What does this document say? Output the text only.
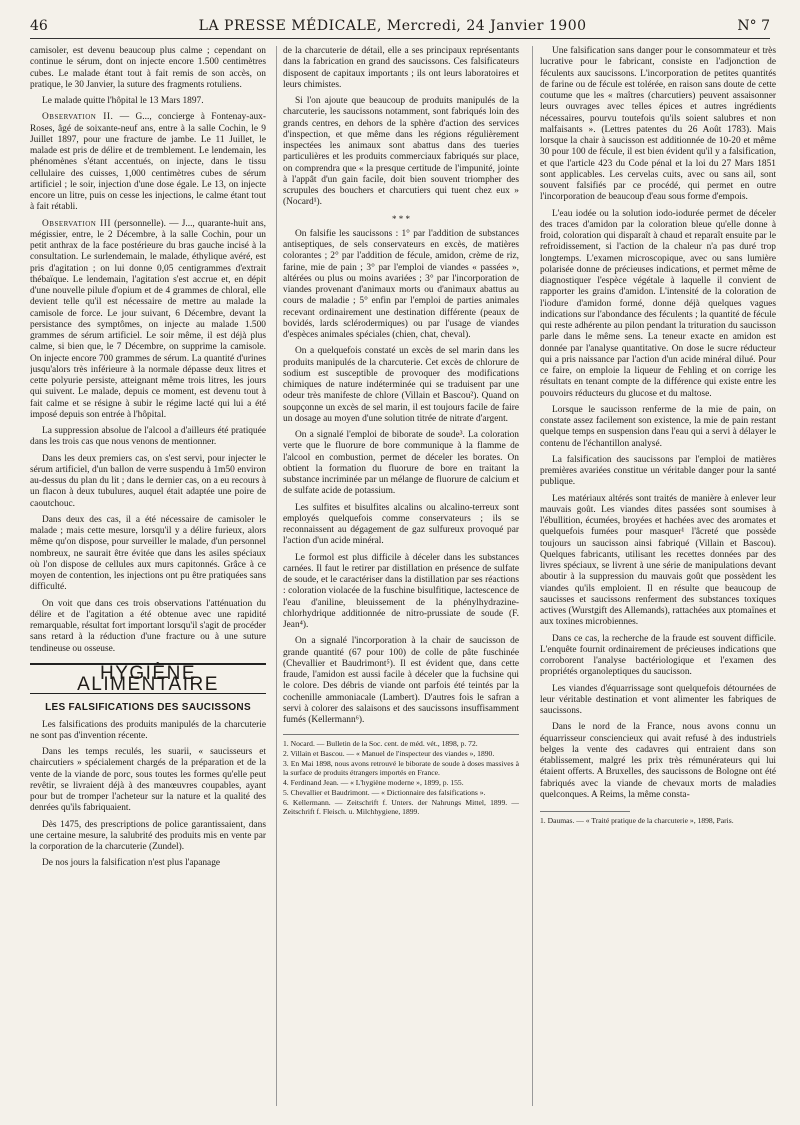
46	LA PRESSE MÉDICALE, Mercredi, 24 Janvier 1900	N° 7

camisoler, est devenu beaucoup plus calme ; cependant on continue le sérum, dont on injecte encore 1.500 centimètres cubes. Le malade étant tout à fait remis de son accès, on pratique, le 30 Janvier, la suture des fragments rotuliens.

Le malade quitte l'hôpital le 13 Mars 1897.

Observation II. — G..., concierge à Fontenay-aux-Roses, âgé de soixante-neuf ans, entre à la salle Cochin, le 9 Juillet 1897, pour une fracture de jambe. Le 11 Juillet, le malade est pris de délire et de tremblement. Le lendemain, les phénomènes s'étant accentués, on injecte, dans le tissu cellulaire des cuisses, 1,000 centimètres cubes de sérum artificiel ; le soir, injection d'une dose égale. Le 13, on injecte encore un litre, puis on cesse les injections, le calme étant tout à fait rétabli.

Observation III (personnelle). — J..., quarante-huit ans, mégissier, entre, le 2 Décembre, à la salle Cochin, pour un petit anthrax de la face postérieure du bras gauche incisé à la consultation. Le surlendemain, le malade, éthylique avéré, est pris d'agitation ; on lui donne 0,05 centigrammes d'extrait thébaïque. Le lendemain, l'agitation s'est accrue et, en dépit d'une nouvelle pilule d'opium et de 4 grammes de chloral, elle devient telle qu'il est nécessaire de mettre au malade la camisole de force. Le jour suivant, 6 Décembre, devant la persistance des symptômes, on injecte au malade 1.500 grammes de sérum artificiel. Le soir même, il est déjà plus calme, si bien que, le 7 Décembre, on supprime la camisole. On injecte encore 700 grammes de sérum. La quantité d'urines jusqu'alors très inférieure à la normale dépasse deux litres et cette polyurie persiste, atteignant même trois litres, les jours qui suivent. Le malade, depuis ce moment, est devenu tout à fait calme et se résigne à subir le régime lacté qui lui a été imposé depuis son entrée à l'hôpital.

La suppression absolue de l'alcool a d'ailleurs été pratiquée dans les trois cas que nous venons de mentionner.

Dans les deux premiers cas, on s'est servi, pour injecter le sérum artificiel, d'un ballon de verre suspendu à 1m50 environ au-dessus du plan du lit ; dans le dernier cas, on a eu recours à un flacon à deux tubulures, auquel était adaptée une poire de caoutchouc.

Dans deux des cas, il a été nécessaire de camisoler le malade ; mais cette mesure, lorsqu'il y a délire furieux, alors même qu'on dispose, pour surveiller le malade, d'un personnel nombreux, ne saurait être évitée que dans les asiles spéciaux où l'on dispose de cellules aux murs capitonnés. Grâce à ce moyen de contention, les injections ont pu être pratiquées sans difficulté.

On voit que dans ces trois observations l'atténuation du délire et de l'agitation a été obtenue avec une rapidité remarquable, résultat fort important lorsqu'il s'agit de procéder sans retard à la réduction d'une fracture ou à une suture tendineuse ou osseuse.

HYGIÈNE ALIMENTAIRE
LES FALSIFICATIONS DES SAUCISSONS

Les falsifications des produits manipulés de la charcuterie ne sont pas d'invention récente.

Dans les temps reculés, les suarii, « saucisseurs et chaircutiers » spécialement chargés de la préparation et de la vente de la viande de porc, sous toutes les formes qu'elle peut revêtir, se livraient déjà à des manœuvres coupables, ayant pour but de tromper l'acheteur sur la nature et la qualité des denrées qu'ils fabriquaient.

Dès 1475, des prescriptions de police garantissaient, dans une certaine mesure, la salubrité des produits mis en vente par la corporation de la charcuterie (Zundel).

De nos jours la falsification n'est plus l'apanage

de la charcuterie de détail, elle a ses principaux représentants dans la fabrication en grand des saucissons. Ces falsificateurs disposent de capitaux importants ; ils ont leurs laboratoires et leurs chimistes.

Si l'on ajoute que beaucoup de produits manipulés de la charcuterie, les saucissons notamment, sont fabriqués loin des grands centres, en dehors de la sphère d'action des services d'inspection, et que même dans les régions régulièrement inspectées les animaux sont abattus dans des tueries particulières et les produits commerciaux fabriqués sur place, on comprendra que « la presque certitude de l'impunité, jointe à l'appât d'un gain facile, doit bien souvent triompher des scrupules des bouchers et charcutiers qui tuent chez eux » (Nocard¹).

* * *

On falsifie les saucissons : 1° par l'addition de substances antiseptiques, de sels conservateurs en excès, de matières colorantes ; 2° par l'addition de fécule, amidon, crème de riz, farine, mie de pain ; 3° par l'emploi de viandes « passées », altérées ou plus ou moins avariées ; 3° par l'incorporation de viandes provenant d'animaux morts ou d'animaux abattus au cours de maladie ; 5° enfin par l'emploi de parties animales recevant ordinairement une destination différente (peaux de bovidés, lards sclérodermiques) ou par l'usage de viandes d'espèces animales spéciales (chien, chat, cheval).

On a quelquefois constaté un excès de sel marin dans les produits manipulés de la charcuterie. Cet excès de chlorure de sodium est susceptible de provoquer des modifications chimiques de nature indéterminée qui se traduisent par une odeur très manifeste de chlore (Villain et Bascou²). Quand on soupçonne un excès de sel marin, il est toujours facile de faire un dosage au moyen d'une solution titrée de nitrate d'argent.

On a signalé l'emploi de biborate de soude³. La coloration verte que le fluorure de bore communique à la flamme de l'alcool en combustion, permet de déceler les borates. On obtient la formation du fluorure de bore en traitant la substance incriminée par un mélange de fluorure de calcium et de sulfate acide de potassium.

Les sulfites et bisulfites alcalins ou alcalino-terreux sont employés quelquefois comme conservateurs ; ils se reconnaissent au dégagement de gaz sulfureux provoqué par l'action d'un acide minéral.

Le formol est plus difficile à déceler dans les substances carnées. Il faut le retirer par distillation en présence de sulfate de soude, et le caractériser dans la distillation par ses réactions : coloration violacée de la fuschine bisulfitique, lactescence de l'eau d'aniline, bleuissement de la phénylhydrazine-chlorhydrique additionnée de nitro-prussiate de soude (F. Jean⁴).

On a signalé l'incorporation à la chair de saucisson de grande quantité (67 pour 100) de colle de pâte fuschinée (Chevallier et Baudrimont⁵). Il est évident que, dans cette fraude, l'amidon est aussi facile à déceler que la fuchsine qui le colore. Des débris de viande ont parfois été teintés par la cochenille ammoniacale (Lambert). D'autres fois le safran a servi à colorer des salaisons et des saucissons insuffisamment fumés (Kellermann⁶).

1. Nocard. — Bulletin de la Soc. cent. de méd. vét., 1898, p. 72.
2. Villain et Bascou. — « Manuel de l'inspecteur des viandes », 1890.
3. En Mai 1898, nous avons retrouvé le biborate de soude à doses massives à la surface de produits étrangers importés en France.
4. Ferdinand Jean. — « L'hygiène moderne », 1899, p. 155.
5. Chevallier et Baudrimont. — « Dictionnaire des falsifications ».
6. Kellermann. — Zeitschrift f. Unters. der Nahrungs Mittel, 1899. — Zeitschrift f. Fleisch. u. Milchhygiene, 1899.

Une falsification sans danger pour le consommateur et très lucrative pour le fabricant, consiste en l'adjonction de féculents aux saucissons. L'incorporation de petites quantités de farine ou de fécule est tolérée, en raison sans doute de cette coutume que les « maîtres (charcutiers) peuvent assaisonner leurs ouvrages avec telles épices et autres ingrédients nécessaires, pourvu toutefois qu'ils soient salubres et non malfaisants ». (Lettres patentes du 26 Août 1783). Mais lorsque la chair à saucisson est additionnée de 10-20 et même 30 pour 100 de fécule, il est bien évident qu'il y a falsification, et que l'article 423 du Code pénal et la loi du 27 Mars 1851 sont applicables. Les cervelas cuits, avec ou sans ail, sont souvent falsifiés par ce procédé, qui permet en outre l'incorporation de beaucoup d'eau sous forme d'empois.

L'eau iodée ou la solution iodo-iodurée permet de déceler des traces d'amidon par la coloration bleue qu'elle donne à froid, coloration qui disparaît à chaud et reparaît ensuite par le refroidissement, si l'action de la chaleur n'a pas duré trop longtemps. L'examen microscopique, avec ou sans lumière polarisée donne de précieuses indications, et permet même de diagnostiquer l'espèce végétale à laquelle il convient de rapporter les grains d'amidon. L'intensité de la coloration de l'iodure d'amidon formé, donne déjà quelques vagues indications sur l'abondance des féculents ; la quantité de fécule qui reste adhérente au pilon pendant la trituration du saucisson parle dans le même sens. La teneur exacte en amidon est donnée par l'analyse quantitative. On dose le sucre réducteur qui a pris naissance par l'action d'un acide minéral dilué. Pour ce faire, on emploie la liqueur de Fehling et on corrige les résultats en tenant compte de la différence qui existe entre les pouvoirs réducteurs du glucose et du maltose.

Lorsque le saucisson renferme de la mie de pain, on constate assez facilement son existence, la mie de pain restant quelque temps en suspension dans l'eau qui a servi à délayer le contenu de l'échantillon analysé.

La falsification des saucissons par l'emploi de matières premières avariées constitue un véritable danger pour la santé publique.

Les matériaux altérés sont traités de manière à enlever leur mauvais goût. Les viandes dites passées sont soumises à l'ébullition, écumées, broyées et hachées avec des aromates et quelquefois fumées pour masquer¹ l'âcreté que possède toujours un saucisson ainsi fabriqué (Villain et Bascou). Quelques fabricants, utilisant les recettes données par des livres spéciaux, se livrent à une série de manipulations devant aboutir à la suppression du mauvais goût que possèdent les viandes qu'ils emploient. Il en résulte que beaucoup de saucisses et saucissons renferment des substances toxiques actives (Wurstgift des Allemands), rattachées aux ptomaïnes et aux toxines microbiennes.

Dans ce cas, la recherche de la fraude est souvent difficile. L'enquête fournit ordinairement de précieuses indications que corroborent l'analyse bactériologique et l'examen des propriétés organoleptiques du saucisson.

Les viandes d'équarrissage sont quelquefois détournées de leur véritable destination et vont alimenter les fabriques de saucissons.

Dans le nord de la France, nous avons connu un équarrisseur consciencieux qui avait refusé à des industriels belges la vente des cadavres qui entraient dans son établissement, malgré les prix très rémunérateurs qui lui étaient offerts. A Bruxelles, des saucissons de Bologne ont été fabriqués avec la viande de chevaux morts de maladies quelconques. A Reims, la même consta-

1. Daumas. — « Traité pratique de la charcuterie », 1898, Paris.
